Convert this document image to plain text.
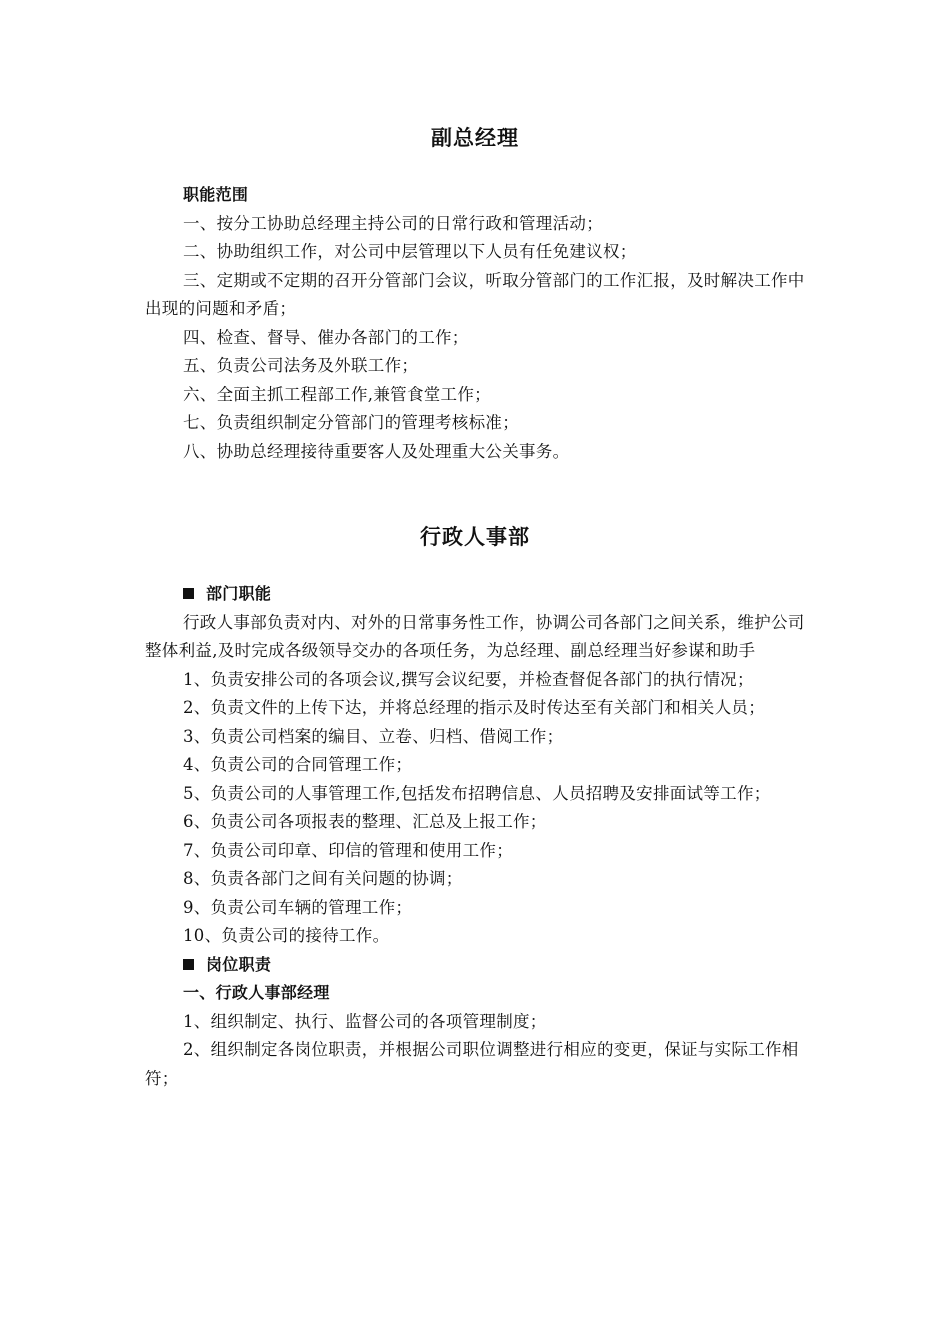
副总经理

职能范围

一、按分工协助总经理主持公司的日常行政和管理活动；

二、协助组织工作，对公司中层管理以下人员有任免建议权；

三、定期或不定期的召开分管部门会议，听取分管部门的工作汇报，及时解决工作中出现的问题和矛盾；

四、检查、督导、催办各部门的工作；

五、负责公司法务及外联工作；

六、全面主抓工程部工作,兼管食堂工作；

七、负责组织制定分管部门的管理考核标准；

八、协助总经理接待重要客人及处理重大公关事务。

行政人事部

部门职能

行政人事部负责对内、对外的日常事务性工作，协调公司各部门之间关系，维护公司整体利益,及时完成各级领导交办的各项任务，为总经理、副总经理当好参谋和助手

1、负责安排公司的各项会议,撰写会议纪要，并检查督促各部门的执行情况；

2、负责文件的上传下达，并将总经理的指示及时传达至有关部门和相关人员；

3、负责公司档案的编目、立卷、归档、借阅工作；

4、负责公司的合同管理工作；

5、负责公司的人事管理工作,包括发布招聘信息、人员招聘及安排面试等工作；

6、负责公司各项报表的整理、汇总及上报工作；

7、负责公司印章、印信的管理和使用工作；

8、负责各部门之间有关问题的协调；

9、负责公司车辆的管理工作；

10、负责公司的接待工作。

岗位职责

一、行政人事部经理

1、组织制定、执行、监督公司的各项管理制度；

2、组织制定各岗位职责，并根据公司职位调整进行相应的变更，保证与实际工作相符；
